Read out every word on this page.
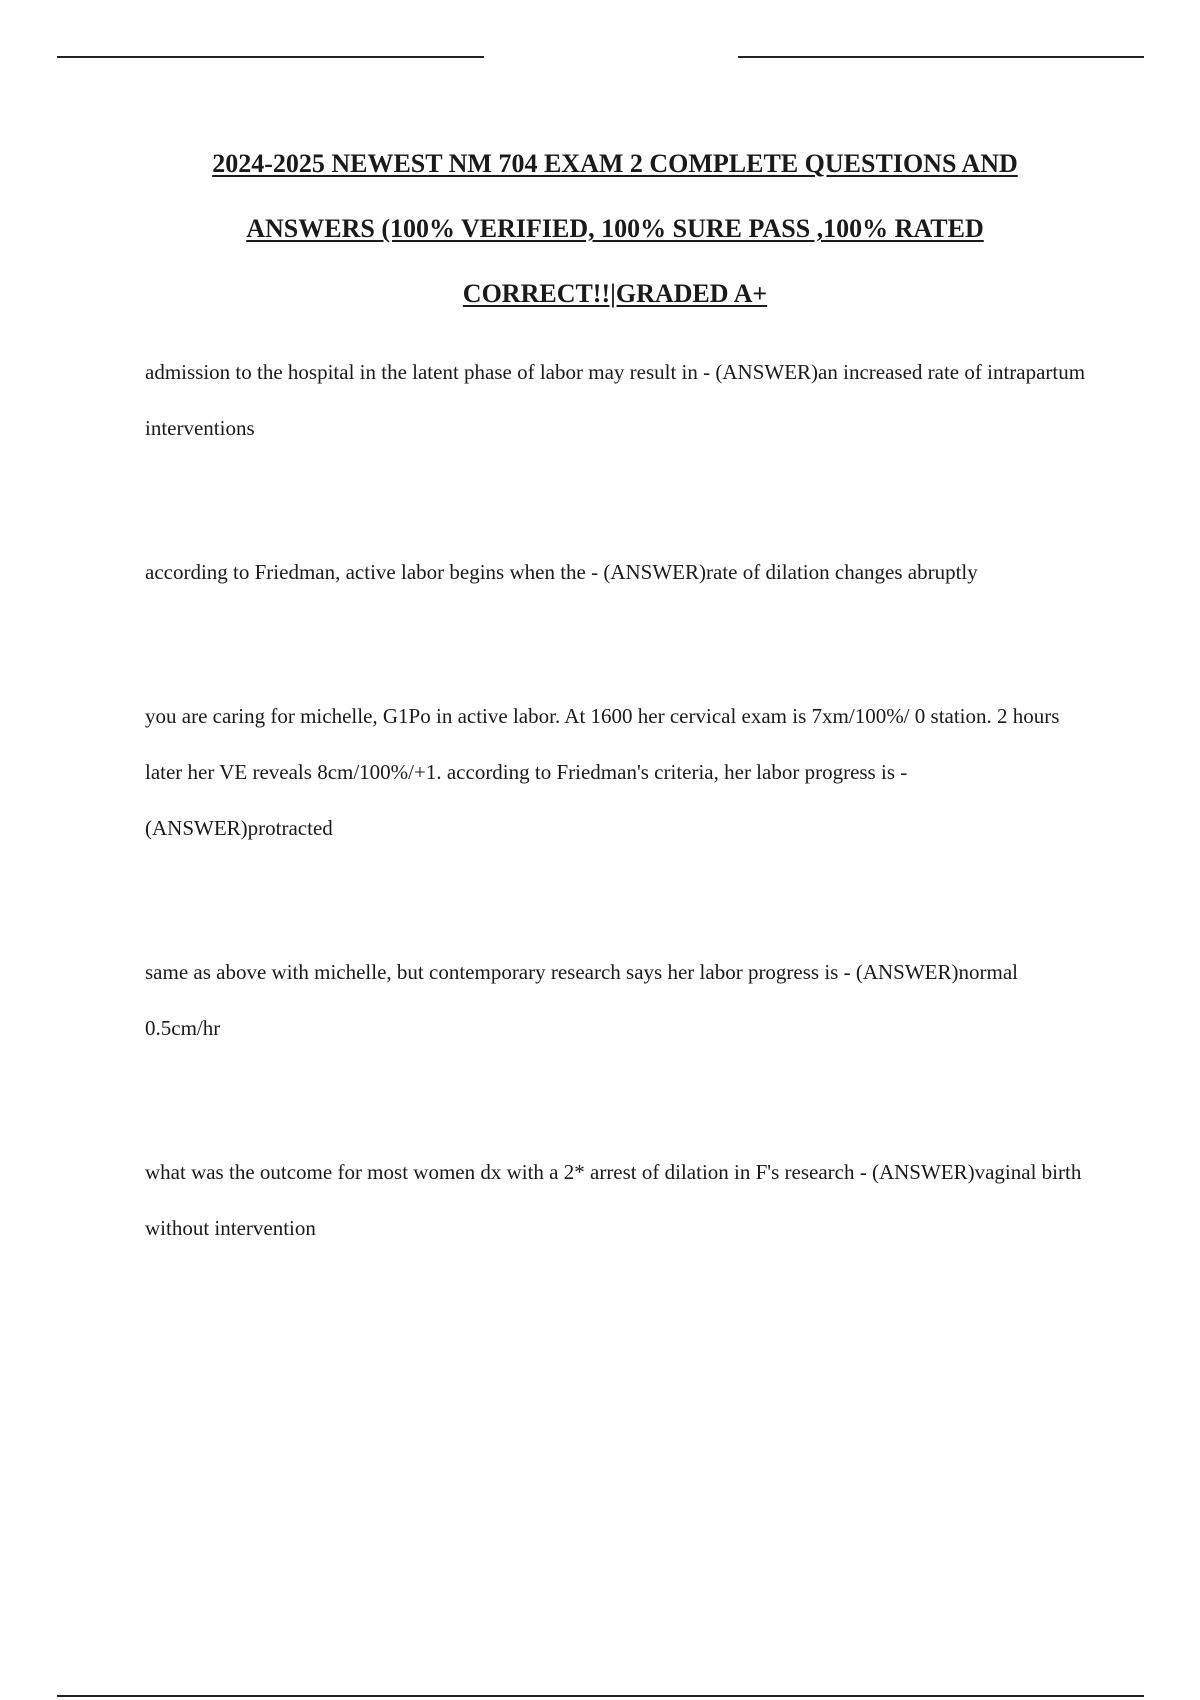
2024-2025 NEWEST NM 704 EXAM 2 COMPLETE QUESTIONS AND
ANSWERS (100% VERIFIED, 100% SURE PASS ,100% RATED
CORRECT!!|GRADED A+

admission to the hospital in the latent phase of labor may result in - (ANSWER)an increased rate of intrapartum interventions

according to Friedman, active labor begins when the - (ANSWER)rate of dilation changes abruptly

you are caring for michelle, G1Po in active labor. At 1600 her cervical exam is 7xm/100%/ 0 station. 2 hours later her VE reveals 8cm/100%/+1. according to Friedman's criteria, her labor progress is - (ANSWER)protracted

same as above with michelle, but contemporary research says her labor progress is - (ANSWER)normal 0.5cm/hr

what was the outcome for most women dx with a 2* arrest of dilation in F's research - (ANSWER)vaginal birth without intervention
